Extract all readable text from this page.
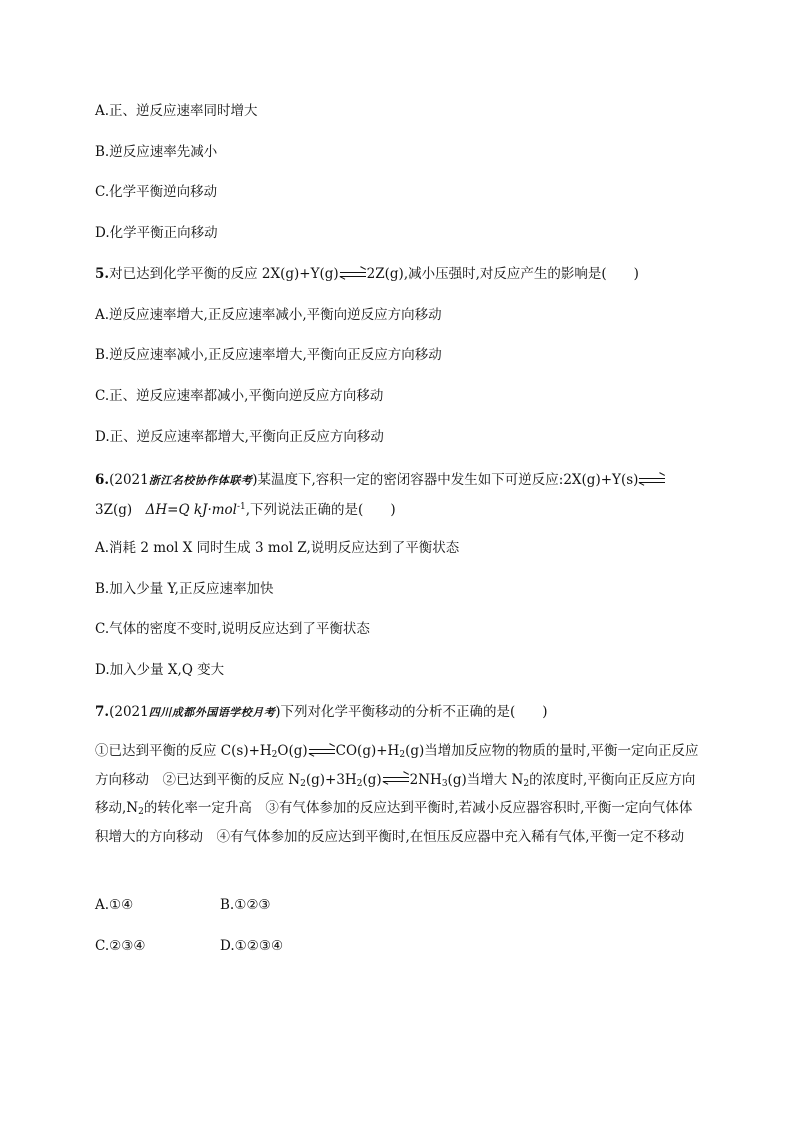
A.正、逆反应速率同时增大
B.逆反应速率先减小
C.化学平衡逆向移动
D.化学平衡正向移动
5.对已达到化学平衡的反应 2X(g)+Y(g) 2Z(g),减小压强时,对反应产生的影响是(　　)
A.逆反应速率增大,正反应速率减小,平衡向逆反应方向移动
B.逆反应速率减小,正反应速率增大,平衡向正反应方向移动
C.正、逆反应速率都减小,平衡向逆反应方向移动
D.正、逆反应速率都增大,平衡向正反应方向移动
6.(2021浙江名校协作体联考)某温度下,容积一定的密闭容器中发生如下可逆反应:2X(g)+Y(s)
3Z(g)　ΔH=Q kJ·mol$^{-1}$,下列说法正确的是(　　)
A.消耗 2 mol X 同时生成 3 mol Z,说明反应达到了平衡状态
B.加入少量 Y,正反应速率加快
C.气体的密度不变时,说明反应达到了平衡状态
D.加入少量 X,Q 变大
7.(2021四川成都外国语学校月考)下列对化学平衡移动的分析不正确的是(　　)
①已达到平衡的反应 $C(s)+H_2O(g)$ $CO(g)+H_2(g)$当增加反应物的物质的量时,平衡一定向正反应方向移动　②已达到平衡的反应 $N_2(g)+3H_2(g)$ $2NH_3(g)$当增大 $N_2$的浓度时,平衡向正反应方向移动$,N_2$的转化率一定升高　③有气体参加的反应达到平衡时,若减小反应器容积时,平衡一定向气体体积增大的方向移动　④有气体参加的反应达到平衡时,在恒压反应器中充入稀有气体,平衡一定不移动
A.①④	B.①②③
C.②③④	D.①②③④
